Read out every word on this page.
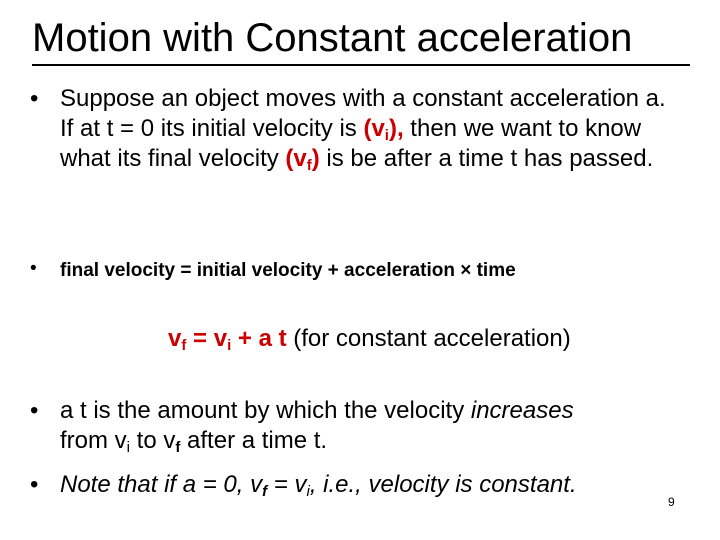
Motion with Constant acceleration
• Suppose an object moves with a constant acceleration a. If at t = 0 its initial velocity is $(v_i)$, then we want to know what its final velocity $(v_f)$ is be after a time t has passed.
• final velocity = initial velocity + acceleration × time
$v_f = v_i + a$ t (for constant acceleration)
• a t is the amount by which the velocity increases
from $v_i$ to $v_f$ after a time t.
• Note that if a = 0, $v_f = v_i$, i.e., velocity is constant.
9
